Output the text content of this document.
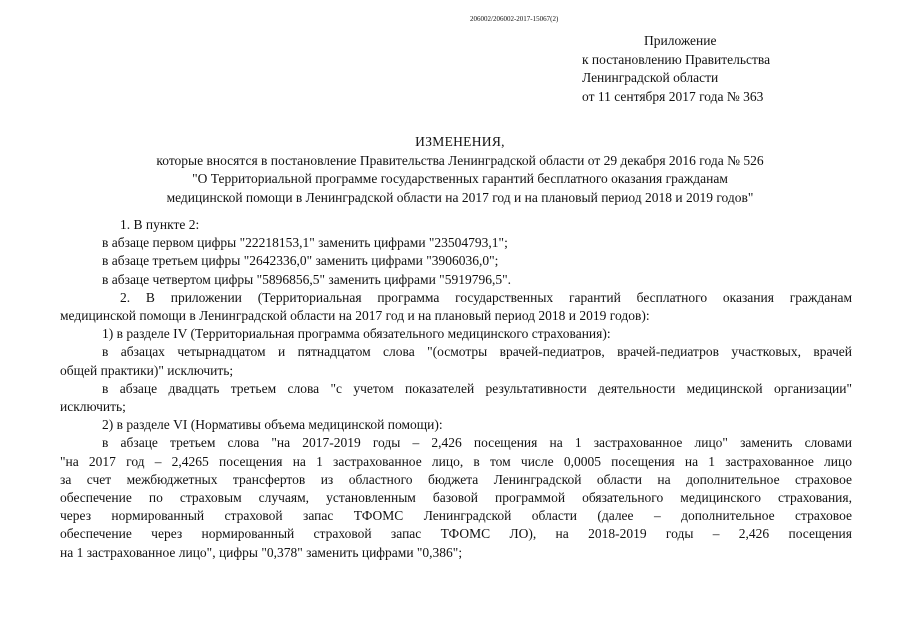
206002/206002-2017-15067(2)
Приложение
к постановлению Правительства
Ленинградской области
от 11 сентября 2017 года № 363
ИЗМЕНЕНИЯ,
которые вносятся в постановление Правительства Ленинградской области от 29 декабря 2016 года № 526
"О Территориальной программе государственных гарантий бесплатного оказания гражданам
медицинской помощи в Ленинградской области на 2017 год и на плановый период 2018 и 2019 годов"
1. В пункте 2:
в абзаце первом цифры "22218153,1" заменить цифрами "23504793,1";
в абзаце третьем цифры "2642336,0" заменить цифрами "3906036,0";
в абзаце четвертом цифры "5896856,5" заменить цифрами "5919796,5".
2. В приложении (Территориальная программа государственных гарантий бесплатного оказания гражданам
медицинской помощи в Ленинградской области на 2017 год и на плановый период 2018 и 2019 годов):
1) в разделе IV (Территориальная программа обязательного медицинского страхования):
в абзацах четырнадцатом и пятнадцатом слова "(осмотры врачей-педиатров, врачей-педиатров участковых, врачей
общей практики)" исключить;
в абзаце двадцать третьем слова "с учетом показателей результативности деятельности медицинской организации"
исключить;
2) в разделе VI (Нормативы объема медицинской помощи):
в абзаце третьем слова "на 2017-2019 годы – 2,426 посещения на 1 застрахованное лицо" заменить словами
"на 2017 год – 2,4265 посещения на 1 застрахованное лицо, в том числе 0,0005 посещения на 1 застрахованное лицо
за счет межбюджетных трансфертов из областного бюджета Ленинградской области на дополнительное страховое
обеспечение по страховым случаям, установленным базовой программой обязательного медицинского страхования,
через нормированный страховой запас ТФОМС Ленинградской области (далее – дополнительное страховое
обеспечение через нормированный страховой запас ТФОМС ЛО), на 2018-2019 годы – 2,426 посещения
на 1 застрахованное лицо", цифры "0,378" заменить цифрами "0,386";
